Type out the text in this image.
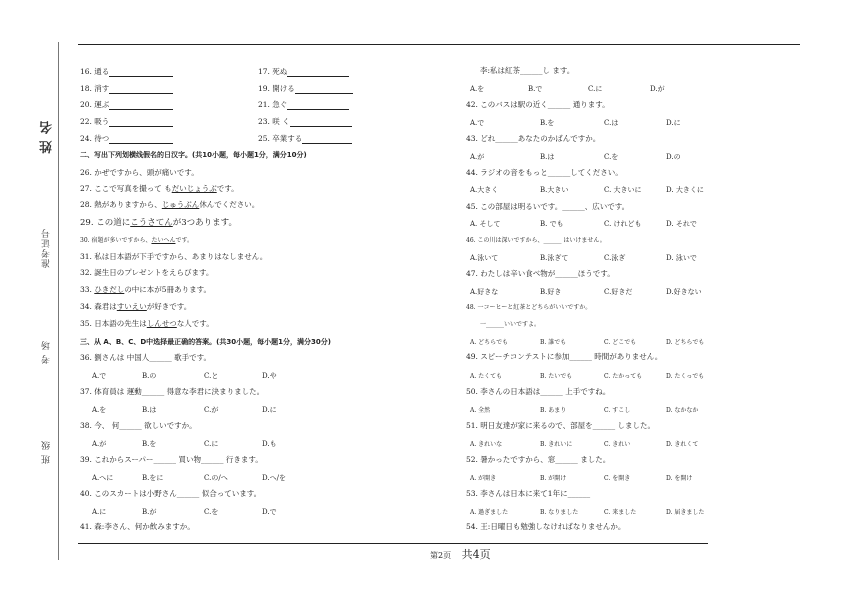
姓 名
准考证号
考 场
班 级
16. 通る	17. 死ぬ
18. 消す	19. 開ける
20. 運ぶ	21. 急ぐ
22. 吸う	23. 咲 く
24. 待つ	25. 卒業する
二、写出下列划横线假名的日汉字。(共10小题，每小题1分，满分10分)
26. かぜですから、頭が痛いです。
27. ここで写真を撮って もだいじょうぶです。
28. 熱がありますから、じゅうぶん休んでください。
29. この道にこうさてんが3つあります。
30. 宿題が多いですから、たいへんです。
31. 私は日本語が下手ですから、あまりはなしません。
32. 誕生日のプレゼントをえらびます。
33. ひきだしの中に本が5冊あります。
34. 森君はすいえいが好きです。
35. 日本語の先生はしんせつな人です。
三、从 A、B、C、D中选择最正确的答案。(共30小题，每小题1分，满分30分)
36. 劉さんは 中国人______ 歌手です。
A.で	B.の	C.と	D.や
37. 体育員は 運動______ 得意な李君に決まりました。
A.を	B.は	C.が	D.に
38. 今、 何______ 欲しいですか。
A.が	B.を	C.に	D.も
39. これからスーパー______ 買い物______ 行きます。
A.へに	B.をに	C.の/へ	D.へ/を
40. このスカートは小野さん______ 似合っています。
A.に	B.が	C.を	D.で
41. 森:李さん、何か飲みますか。
李:私は紅茶______し ます。
A.を	B.で	C.に	D.が
42. このバスは駅の近く______ 通ります。
A.で	B.を	C.は	D.に
43. どれ______あなたのかばんですか。
A.が	B.は	C.を	D.の
44. ラジオの音をもっと______してください。
A.大きく	B.大きい	C. 大きいに	D. 大きくに
45. この部屋は明るいです。______、広いです。
A. そして	B. でも	C. けれども	D. それで
46. この川は深いですから、______ はいけません。
A.泳いて	B.泳ぎて	C.泳ぎ	D. 泳いで
47. わたしは辛い食べ物が______ほうです。
A.好きな	B.好き	C.好きだ	D.好きない
48. 一コーヒーと紅茶とどちらがいいですか。
一______いいですよ。
A. どちらでも	B. 誰でも	C. どこでも	D. どちらでも
49. スピーチコンテストに参加______ 時間がありません。
A. たくても	B. たいでも	C. たかっても	D. たくっでも
50. 李さんの日本語は______ 上手ですね。
A. 全然	B. あまり	C. すこし	D. なかなか
51. 明日友達が家に来るので、部屋を______ しました。
A. きれいな	B. きれいに	C. きれい	D. きれくて
52. 暑かったですから、窓______ ました。
A. が開き	B. が開け	C. を開き	D. を開け
53. 李さんは日本に来て1年に______
A. 過ぎました	B. なりました	C. 来ました	D. 届きました
54. 王:日曜日も勉強しなければなりませんか。
第2页 共4页
